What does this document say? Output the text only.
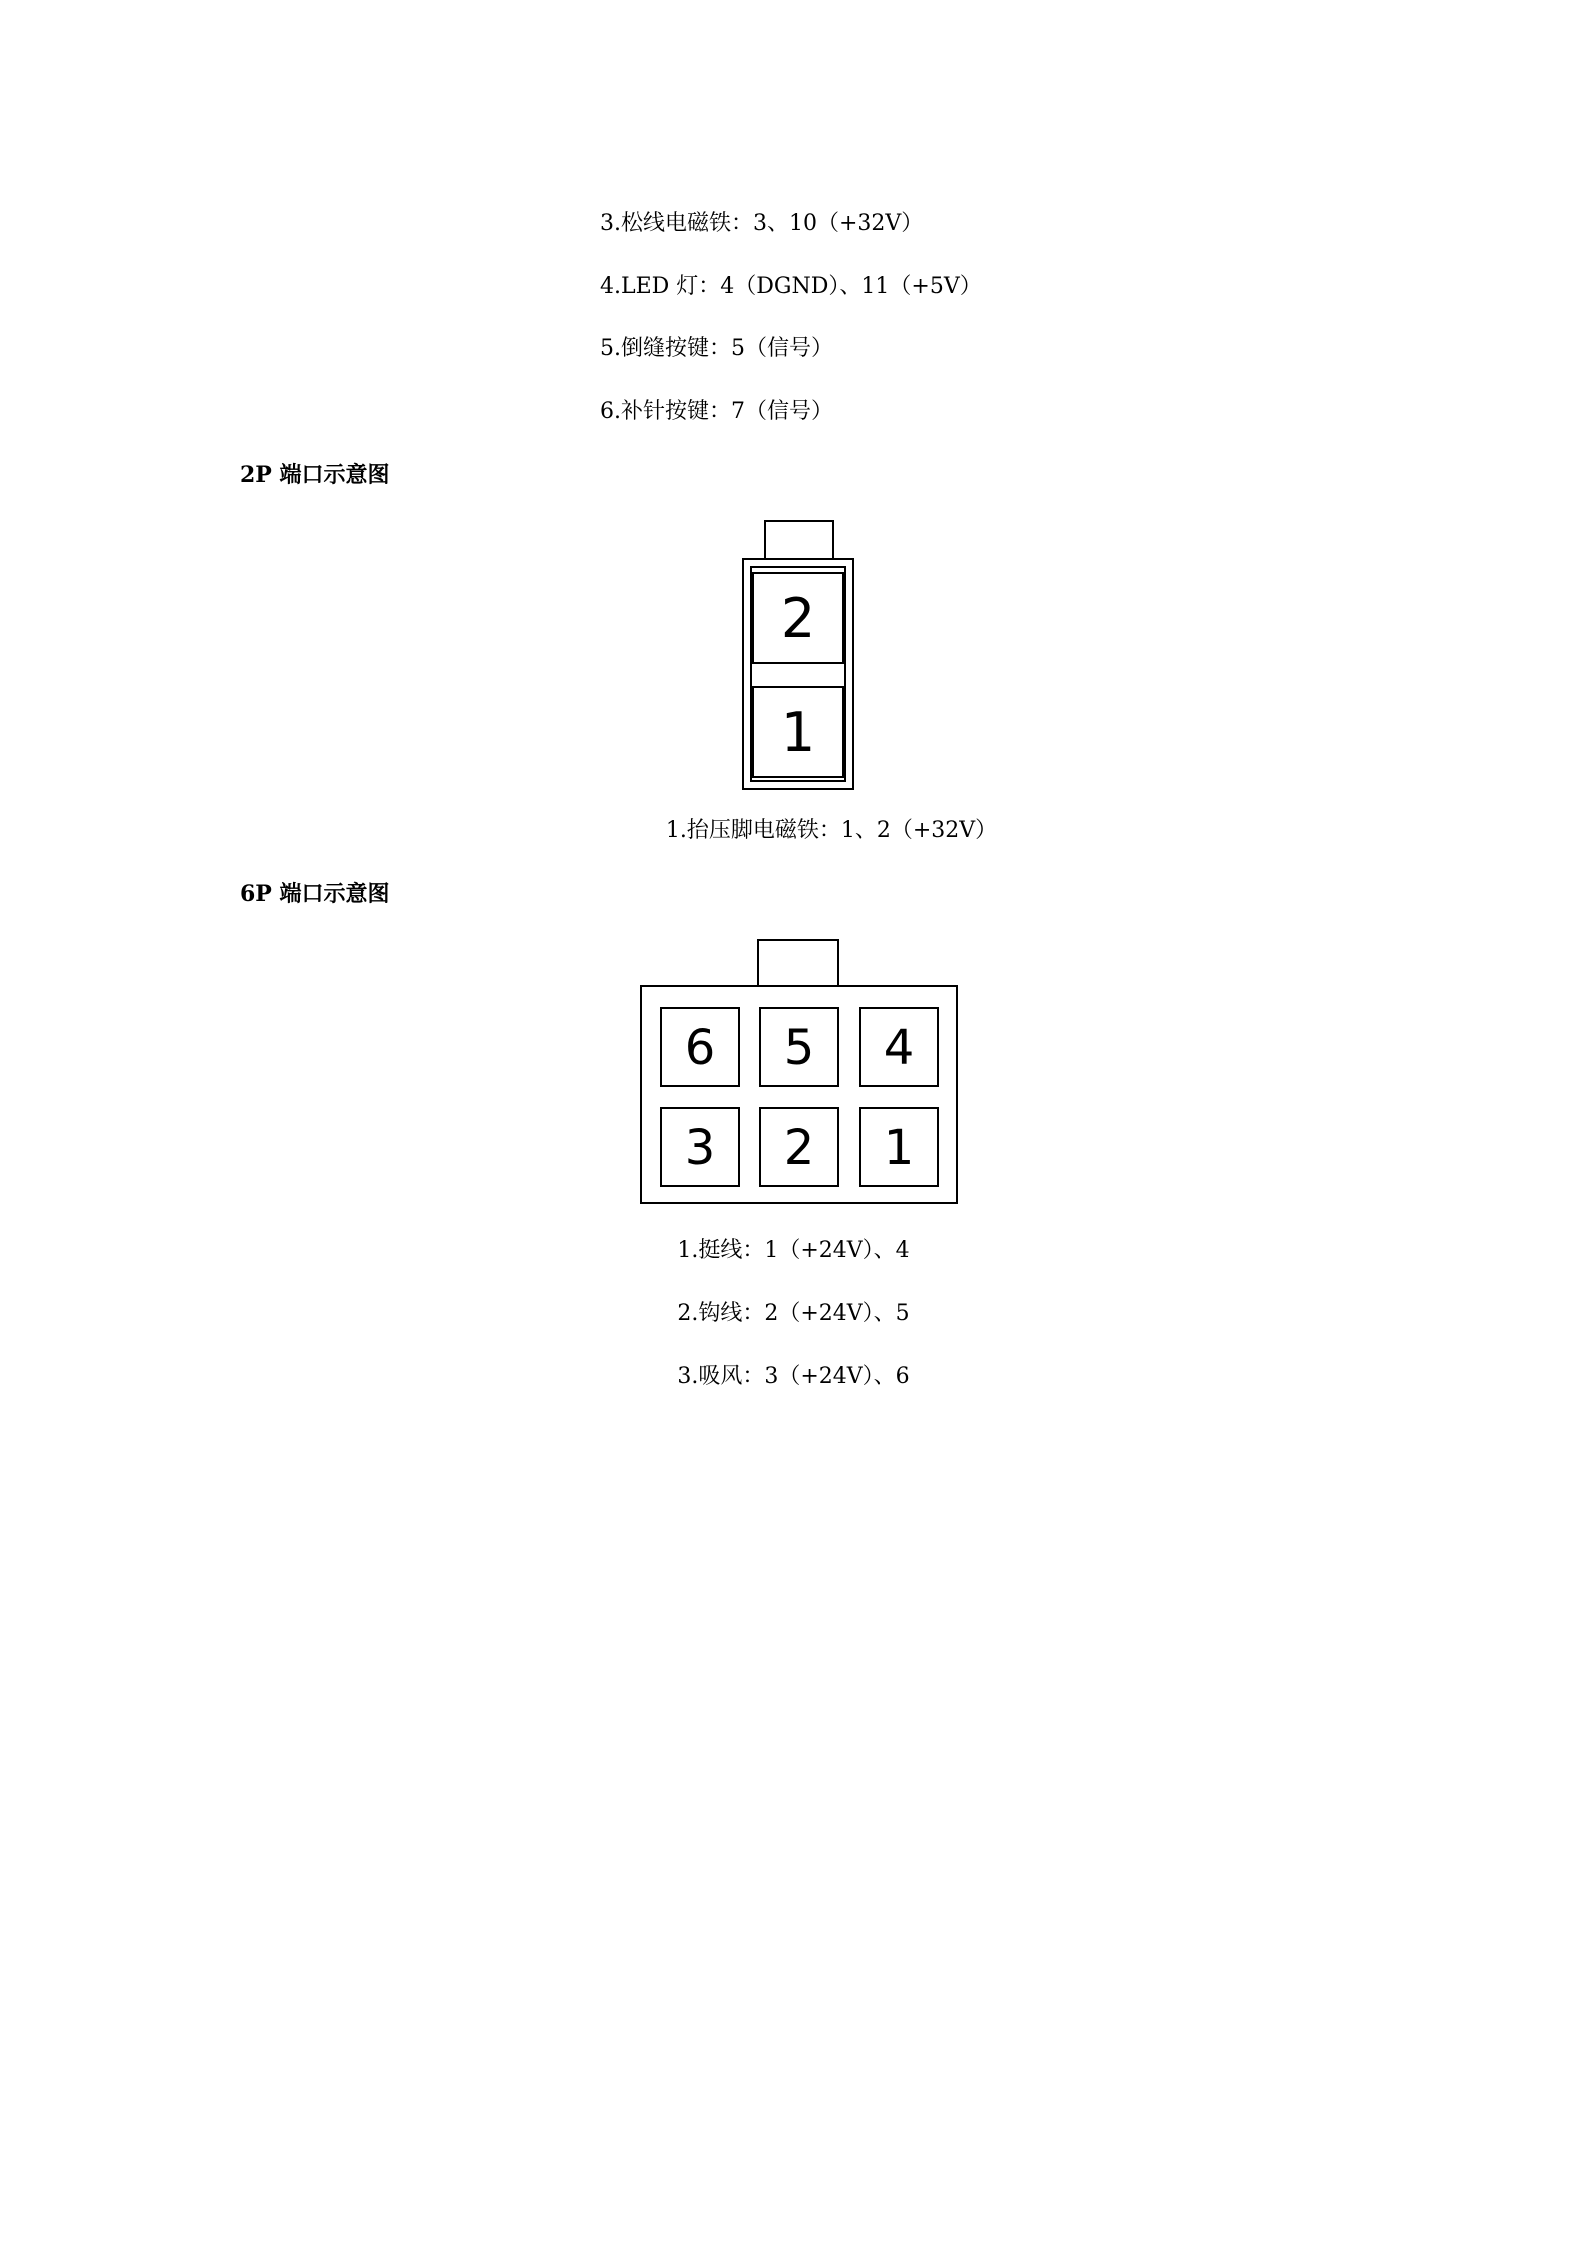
3.松线电磁铁：3、10（+32V）
4.LED 灯：4（DGND）、11（+5V）
5.倒缝按键：5（信号）
6.补针按键：7（信号）
2P 端口示意图
2
1
1.抬压脚电磁铁：1、2（+32V）
6P 端口示意图
6 5 4
3 2 1
1.挺线：1（+24V）、4
2.钩线：2（+24V）、5
3.吸风：3（+24V）、6
